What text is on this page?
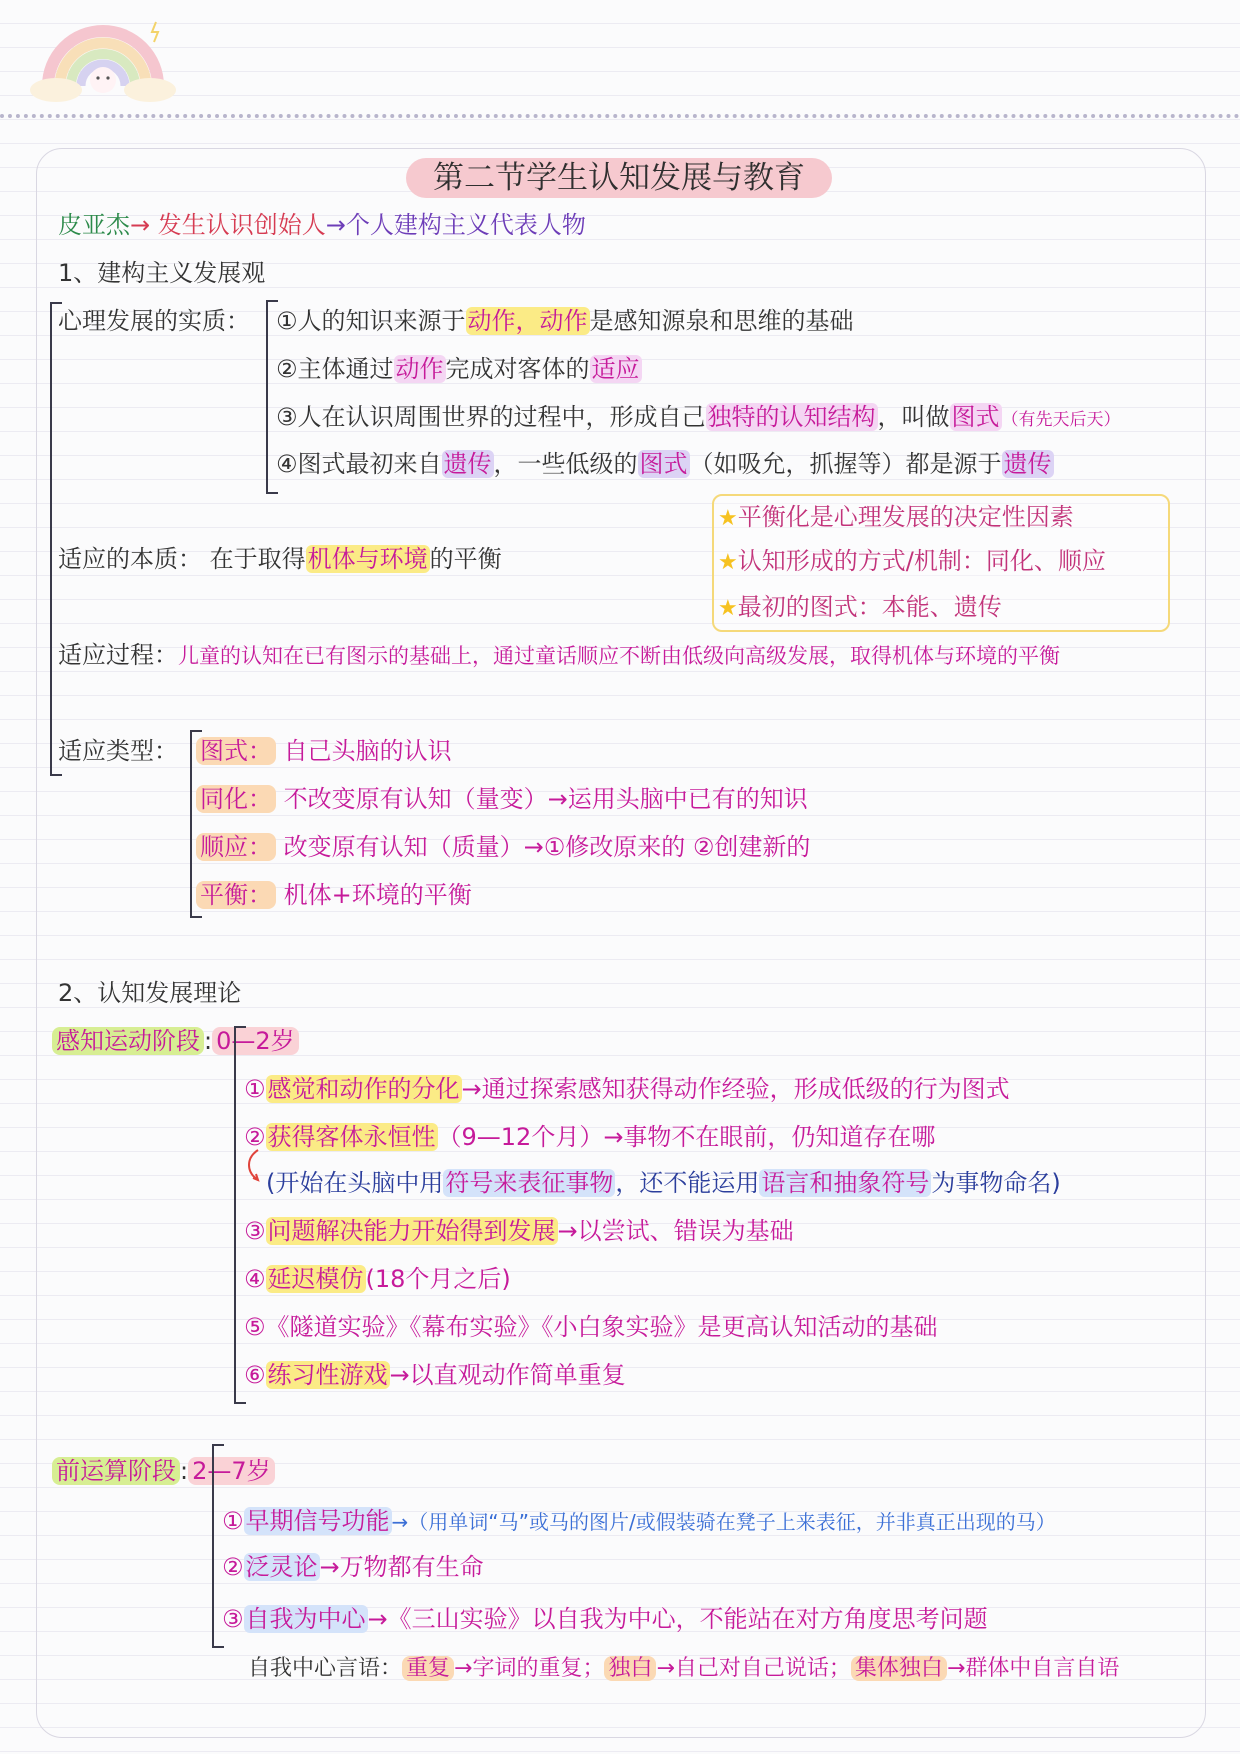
第二节学生认知发展与教育
皮亚杰→ 发生认识创始人→个人建构主义代表人物
1、建构主义发展观
心理发展的实质： ①人的知识来源于动作，动作是感知源泉和思维的基础
②主体通过动作完成对客体的适应
③人在认识周围世界的过程中，形成自己独特的认知结构，叫做图式 （有先天后天）
④图式最初来自遗传，一些低级的图式（如吸允，抓握等）都是源于遗传
★平衡化是心理发展的决定性因素
★认知形成的方式/机制：同化、顺应
★最初的图式：本能、遗传
适应的本质： 在于取得机体与环境的平衡
适应过程：儿童的认知在已有图示的基础上，通过童话顺应不断由低级向高级发展，取得机体与环境的平衡
适应类型： 图式： 自己头脑的认识
同化： 不改变原有认知（量变）→运用头脑中已有的知识
顺应： 改变原有认知（质量）→①修改原来的 ②创建新的
平衡： 机体+环境的平衡
2、认知发展理论
感知运动阶段 : 0—2岁
①感觉和动作的分化→通过探索感知获得动作经验，形成低级的行为图式
②获得客体永恒性（9—12个月）→事物不在眼前，仍知道存在哪
(开始在头脑中用符号来表征事物，还不能运用语言和抽象符号为事物命名)
③问题解决能力开始得到发展→以尝试、错误为基础
④延迟模仿(18个月之后)
⑤《隧道实验》《幕布实验》《小白象实验》是更高认知活动的基础
⑥练习性游戏→以直观动作简单重复
前运算阶段 : 2—7岁
①早期信号功能 →（用单词“马”或马的图片/或假装骑在凳子上来表征，并非真正出现的马）
②泛灵论→万物都有生命
③自我为中心→《三山实验》以自我为中心，不能站在对方角度思考问题
自我中心言语： 重复 →字词的重复； 独白 →自己对自己说话； 集体独白 →群体中自言自语
